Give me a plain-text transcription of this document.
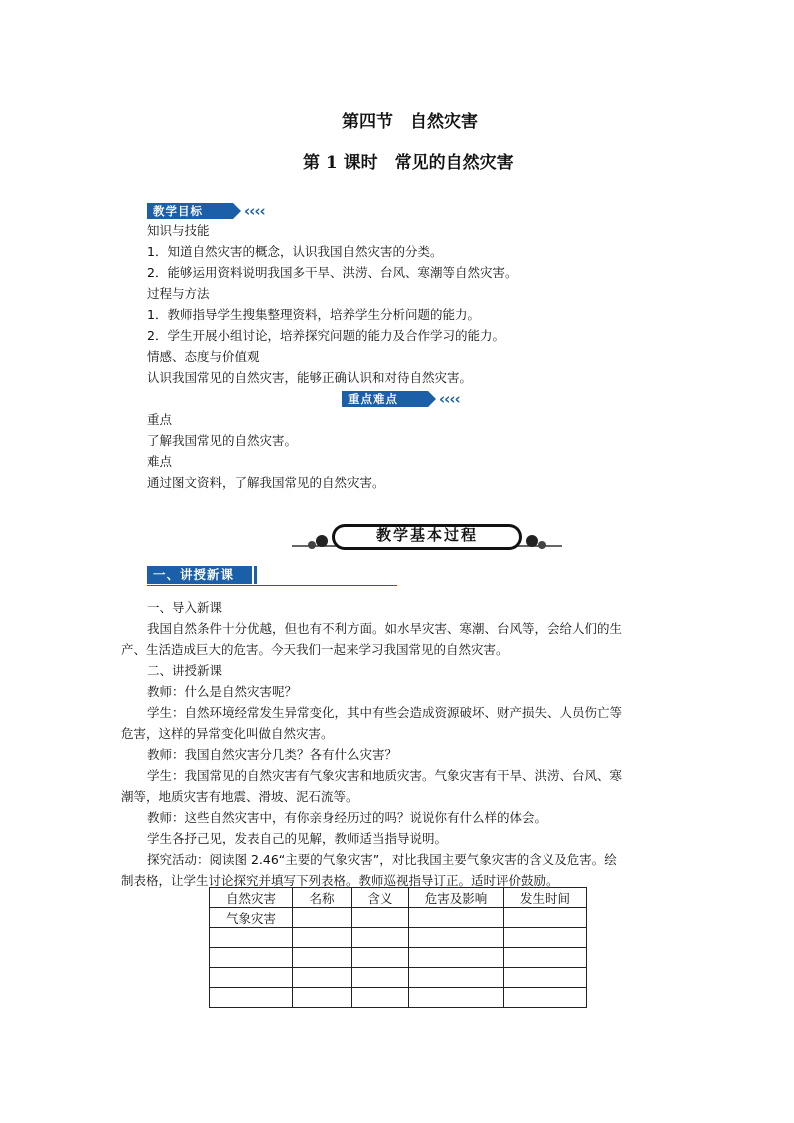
第四节　自然灾害
第 1 课时　常见的自然灾害
教学目标	‹‹‹‹
知识与技能
1．知道自然灾害的概念，认识我国自然灾害的分类。
2．能够运用资料说明我国多干旱、洪涝、台风、寒潮等自然灾害。
过程与方法
1．教师指导学生搜集整理资料，培养学生分析问题的能力。
2．学生开展小组讨论，培养探究问题的能力及合作学习的能力。
情感、态度与价值观
认识我国常见的自然灾害，能够正确认识和对待自然灾害。
重点难点	‹‹‹‹
重点
了解我国常见的自然灾害。
难点
通过图文资料，了解我国常见的自然灾害。
教学基本过程
一、讲授新课
一、导入新课
我国自然条件十分优越，但也有不利方面。如水旱灾害、寒潮、台风等，会给人们的生
产、生活造成巨大的危害。今天我们一起来学习我国常见的自然灾害。
二、讲授新课
教师：什么是自然灾害呢？
学生：自然环境经常发生异常变化，其中有些会造成资源破坏、财产损失、人员伤亡等
危害，这样的异常变化叫做自然灾害。
教师：我国自然灾害分几类？各有什么灾害？
学生：我国常见的自然灾害有气象灾害和地质灾害。气象灾害有干旱、洪涝、台风、寒
潮等，地质灾害有地震、滑坡、泥石流等。
教师：这些自然灾害中，有你亲身经历过的吗？说说你有什么样的体会。
学生各抒己见，发表自己的见解，教师适当指导说明。
探究活动：阅读图 2.46“主要的气象灾害”，对比我国主要气象灾害的含义及危害。绘
制表格，让学生讨论探究并填写下列表格。教师巡视指导订正。适时评价鼓励。
自然灾害	名称	含义	危害及影响	发生时间
气象灾害				
